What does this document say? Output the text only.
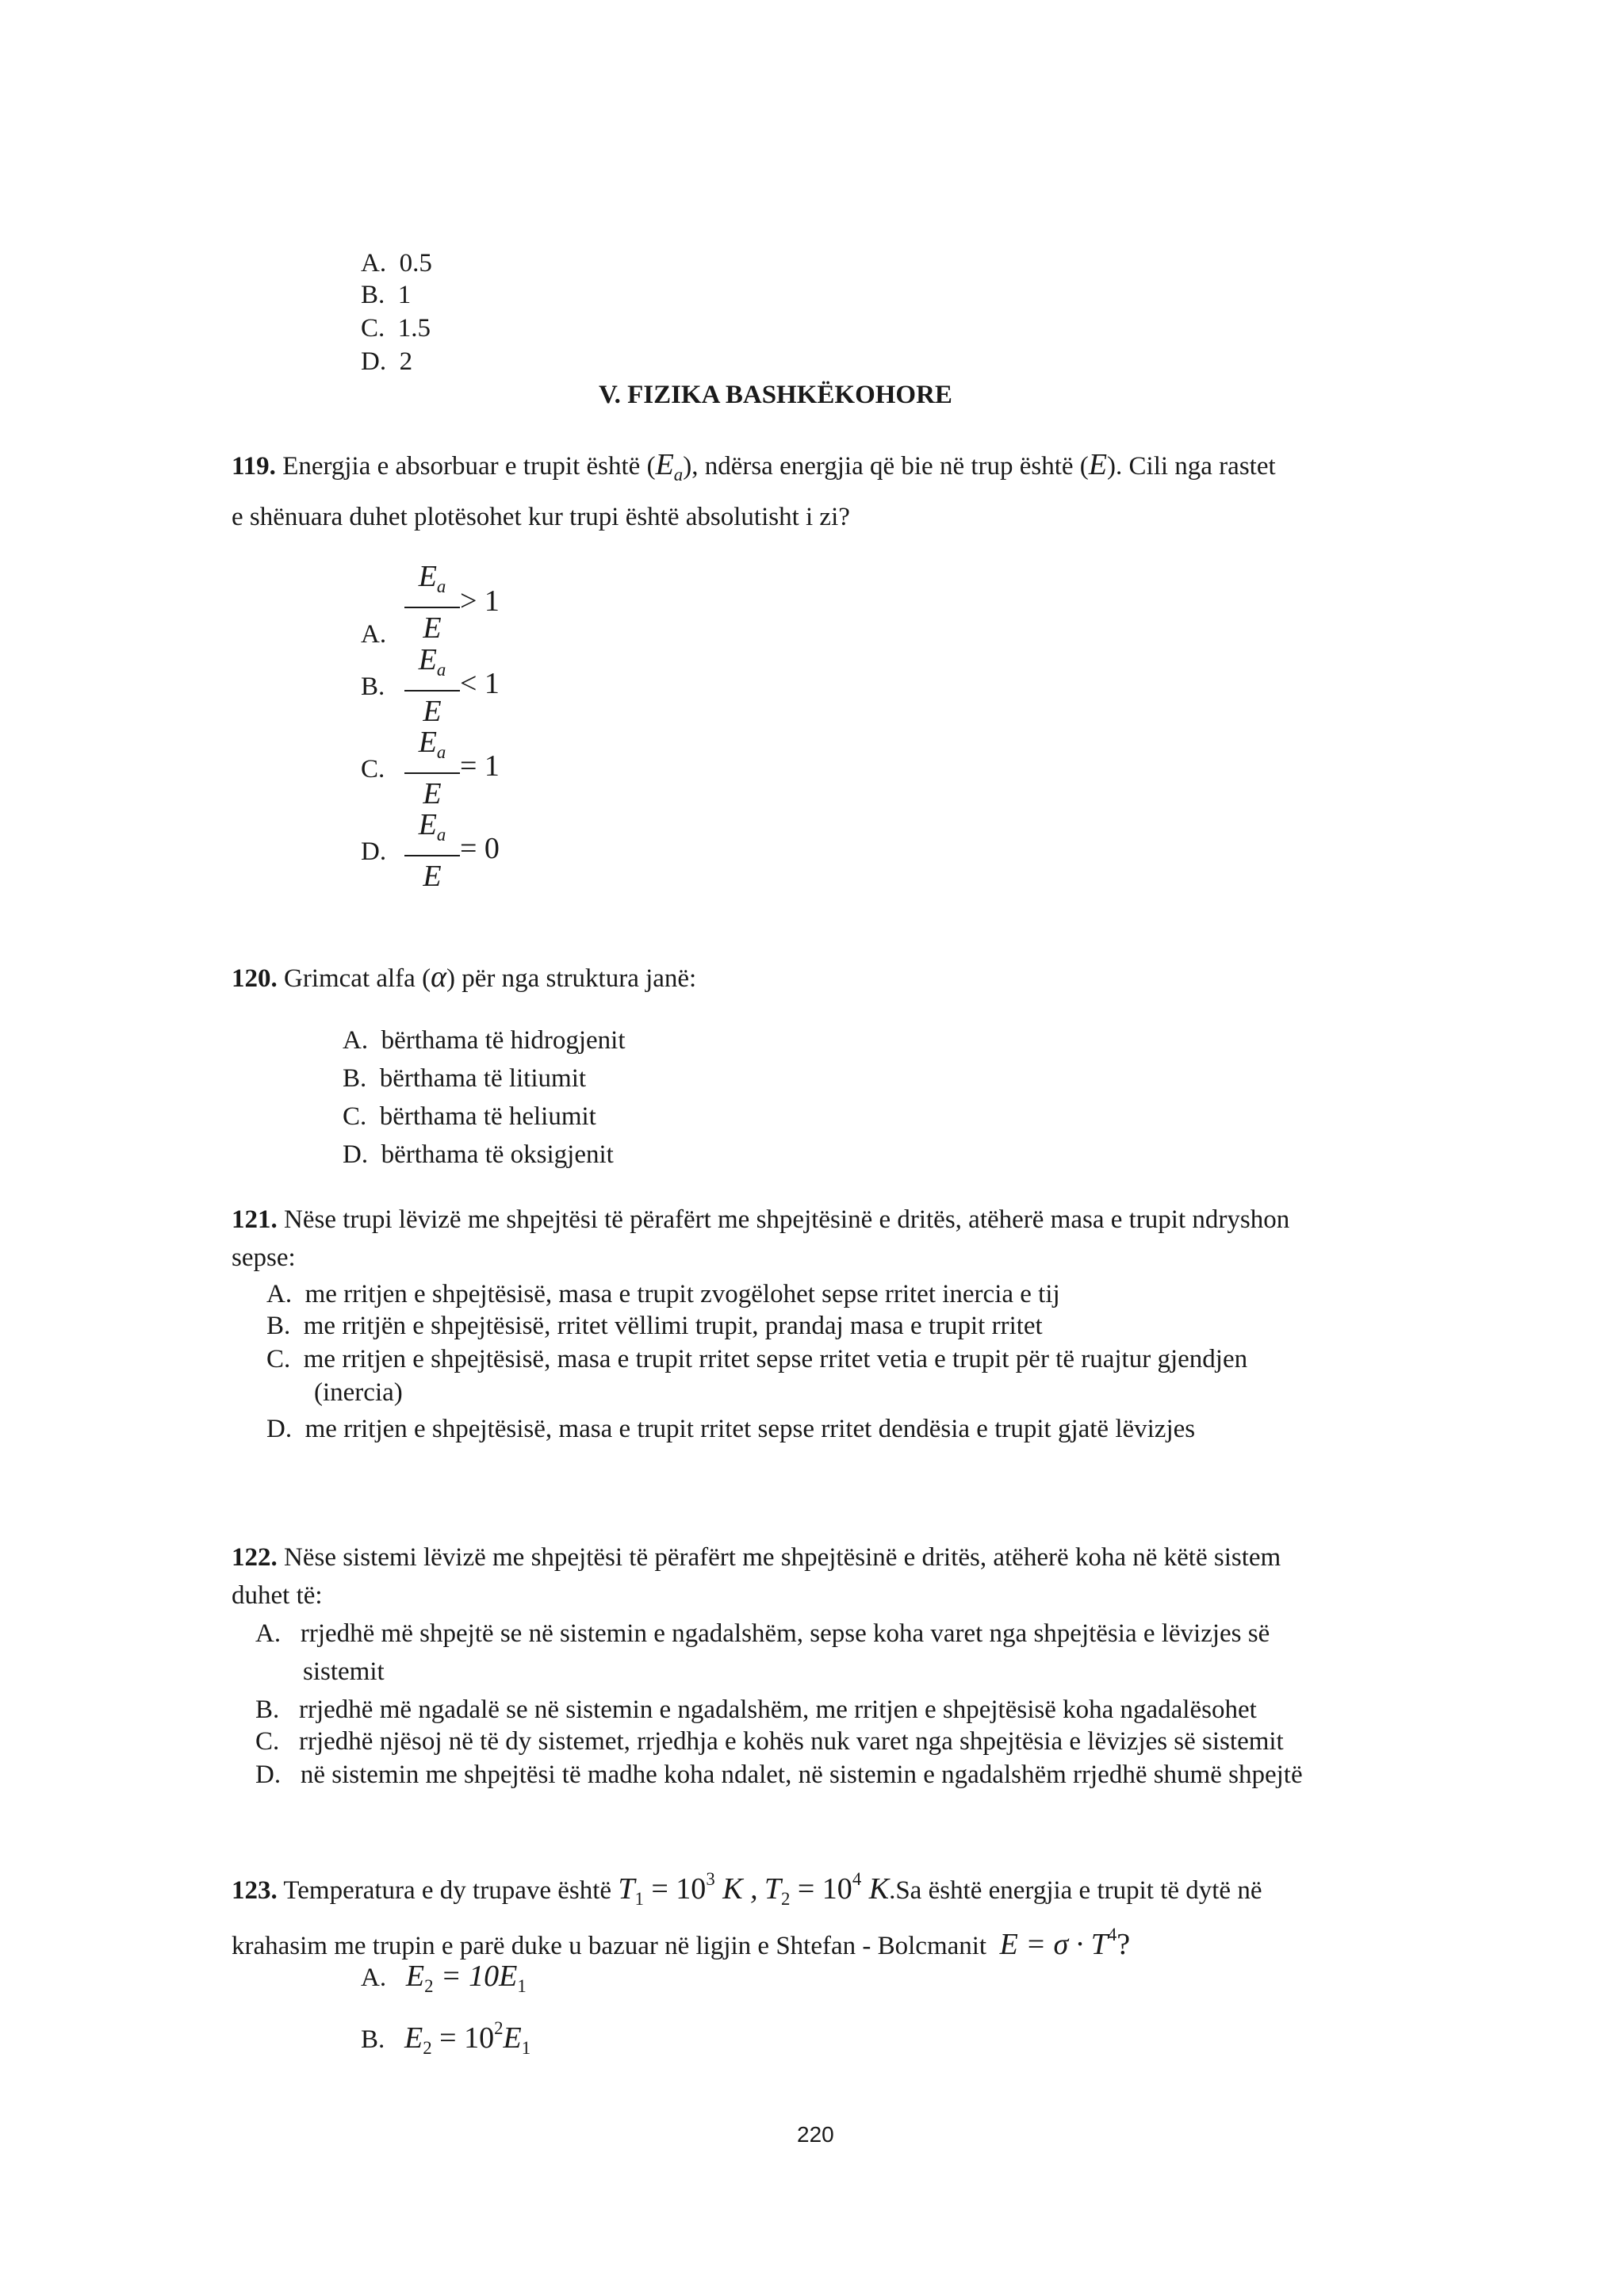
A. 0.5
B. 1
C. 1.5
D. 2
V. FIZIKA BASHKËKOHORE
119. Energjia e absorbuar e trupit është $(E_a)$, ndërsa energjia që bie në trup është (E). Cili nga rastet
e shënuara duhet plotësohet kur trupi është absolutisht i zi?
A.
$E_a$
E
> 1
B.
$E_a$
E
< 1
C.
$E_a$
E
= 1
D.
$E_a$
E
= 0
120. Grimcat alfa (α) për nga struktura janë:
A. bërthama të hidrogjenit
B. bërthama të litiumit
C. bërthama të heliumit
D. bërthama të oksigjenit
121. Nëse trupi lëvizë me shpejtësi të përafërt me shpejtësinë e dritës, atëherë masa e trupit ndryshon
sepse:
A. me rritjen e shpejtësisë, masa e trupit zvogëlohet sepse rritet inercia e tij
B. me rritjën e shpejtësisë, rritet vëllimi trupit, prandaj masa e trupit rritet
C. me rritjen e shpejtësisë, masa e trupit rritet sepse rritet vetia e trupit për të ruajtur gjendjen
(inercia)
D. me rritjen e shpejtësisë, masa e trupit rritet sepse rritet dendësia e trupit gjatë lëvizjes
122. Nëse sistemi lëvizë me shpejtësi të përafërt me shpejtësinë e dritës, atëherë koha në këtë sistem
duhet të:
A. rrjedhë më shpejtë se në sistemin e ngadalshëm, sepse koha varet nga shpejtësia e lëvizjes së
sistemit
B. rrjedhë më ngadalë se në sistemin e ngadalshëm, me rritjen e shpejtësisë koha ngadalësohet
C. rrjedhë njësoj në të dy sistemet, rrjedhja e kohës nuk varet nga shpejtësia e lëvizjes së sistemit
D. në sistemin me shpejtësi të madhe koha ndalet, në sistemin e ngadalshëm rrjedhë shumë shpejtë
123. Temperatura e dy trupave është $T_1 = 10^3$ K , $T_2 = 10^4$ K.Sa është energjia e trupit të dytë në
krahasim me trupin e parë duke u bazuar në ligjin e Shtefan - Bolcmanit $E = \sigma \cdot T^4$?
A. $E_2 = 10E_1$
B. $E_2 = 10^2E_1$
220
